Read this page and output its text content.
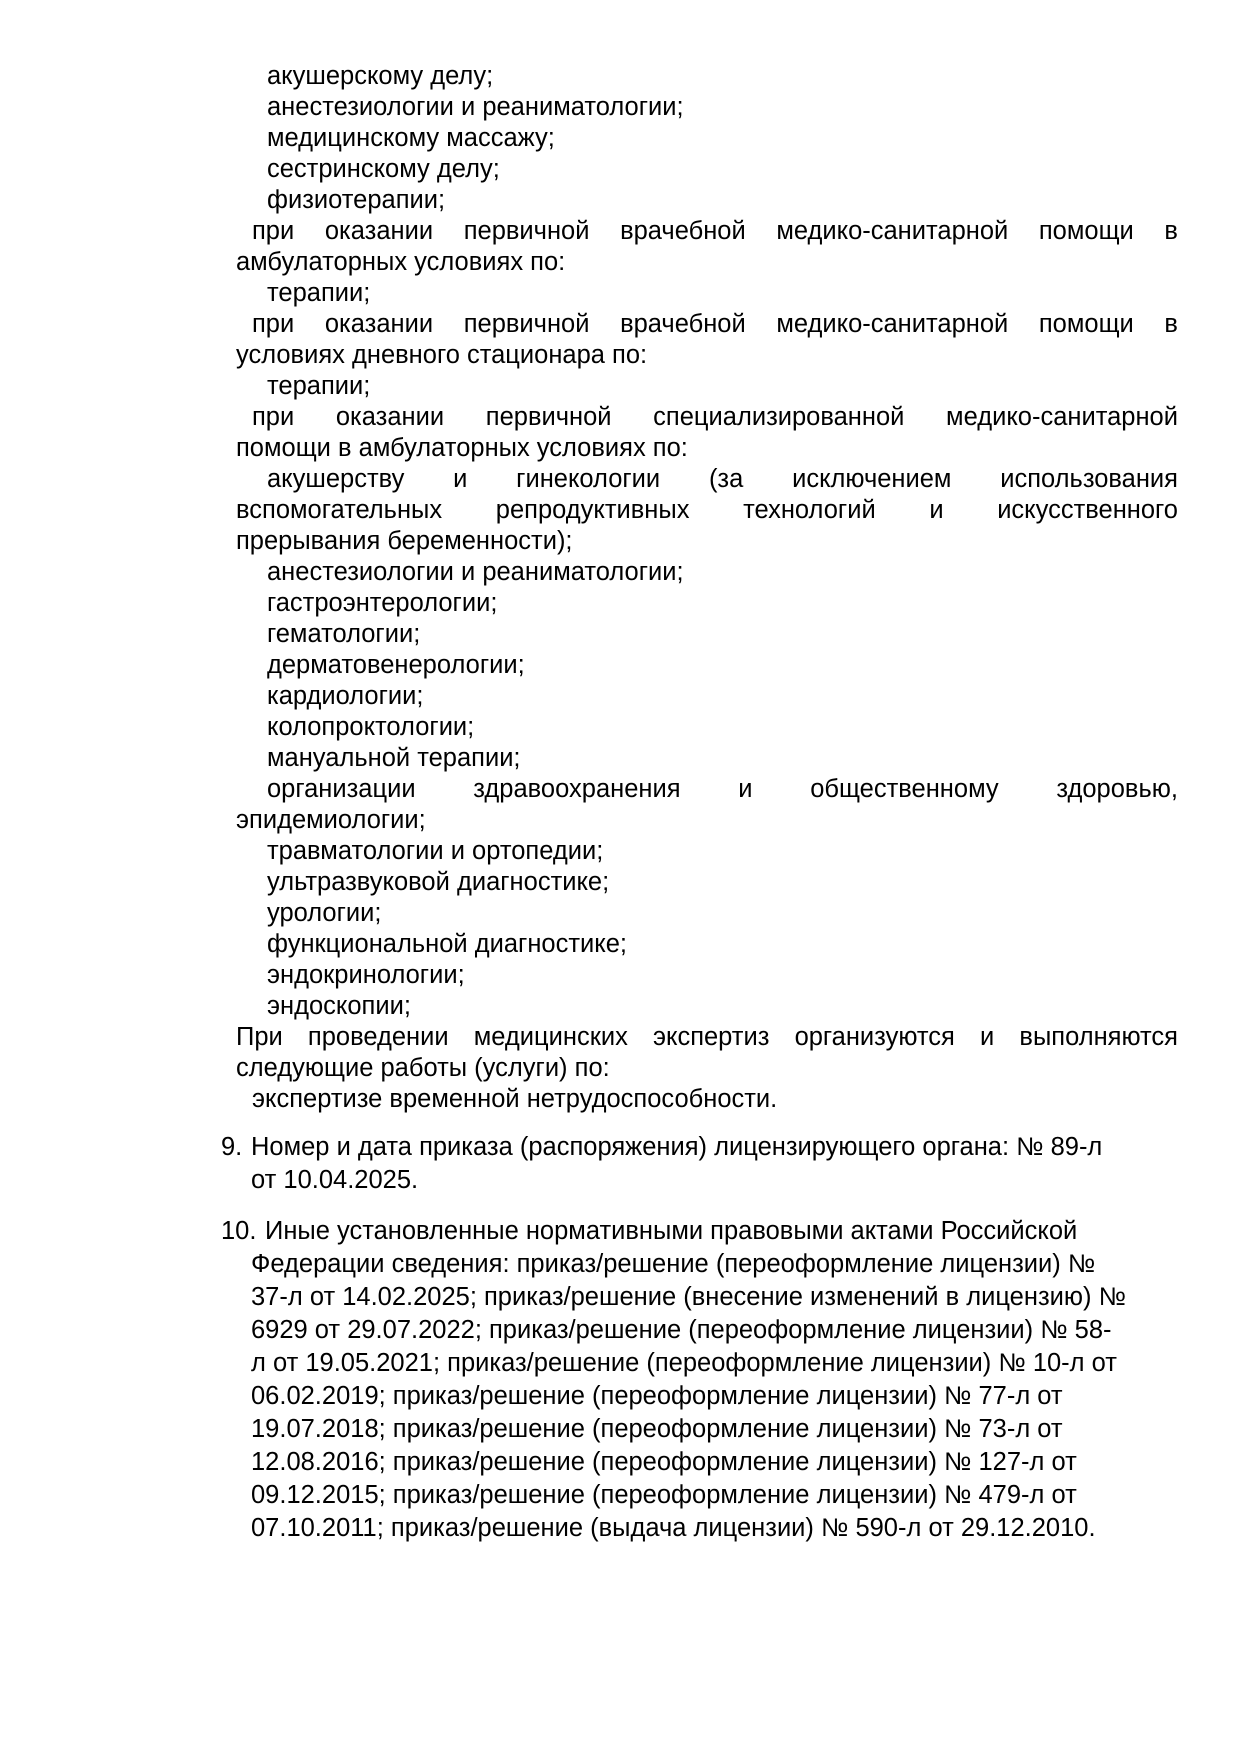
акушерскому делу;
анестезиологии и реаниматологии;
медицинскому массажу;
сестринскому делу;
физиотерапии;
при оказании первичной врачебной медико-санитарной помощи в
амбулаторных условиях по:
терапии;
при оказании первичной врачебной медико-санитарной помощи в
условиях дневного стационара по:
терапии;
при оказании первичной специализированной медико-санитарной
помощи в амбулаторных условиях по:
акушерству и гинекологии (за исключением использования
вспомогательных репродуктивных технологий и искусственного
прерывания беременности);
анестезиологии и реаниматологии;
гастроэнтерологии;
гематологии;
дерматовенерологии;
кардиологии;
колопроктологии;
мануальной терапии;
организации здравоохранения и общественному здоровью,
эпидемиологии;
травматологии и ортопедии;
ультразвуковой диагностике;
урологии;
функциональной диагностике;
эндокринологии;
эндоскопии;
При проведении медицинских экспертиз организуются и выполняются
следующие работы (услуги) по:
экспертизе временной нетрудоспособности.
9. Номер и дата приказа (распоряжения) лицензирующего органа: № 89-л
от 10.04.2025.
10. Иные установленные нормативными правовыми актами Российской
Федерации сведения: приказ/решение (переоформление лицензии) №
37-л от 14.02.2025; приказ/решение (внесение изменений в лицензию) №
6929 от 29.07.2022; приказ/решение (переоформление лицензии) № 58-
л от 19.05.2021; приказ/решение (переоформление лицензии) № 10-л от
06.02.2019; приказ/решение (переоформление лицензии) № 77-л от
19.07.2018; приказ/решение (переоформление лицензии) № 73-л от
12.08.2016; приказ/решение (переоформление лицензии) № 127-л от
09.12.2015; приказ/решение (переоформление лицензии) № 479-л от
07.10.2011; приказ/решение (выдача лицензии) № 590-л от 29.12.2010.
